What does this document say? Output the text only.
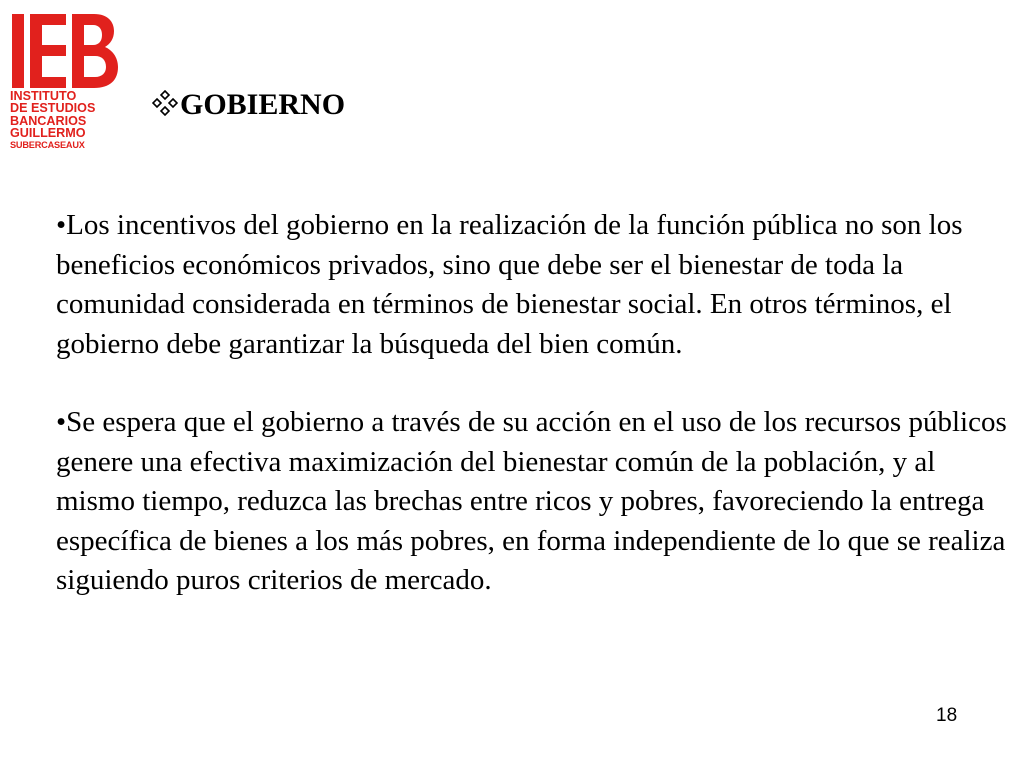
INSTITUTO
DE ESTUDIOS
BANCARIOS
GUILLERMO
SUBERCASEAUX
GOBIERNO

•Los incentivos del gobierno en la realización de la función pública no son los beneficios económicos privados, sino que debe ser el bienestar de toda la comunidad considerada en términos de bienestar social. En otros términos, el gobierno debe garantizar la búsqueda del bien común.

•Se espera que el gobierno a través de su acción en el uso de los recursos públicos genere una efectiva maximización del bienestar común de la población, y al mismo tiempo, reduzca las brechas entre ricos y pobres, favoreciendo la entrega específica de bienes a los más pobres, en forma independiente de lo que se realiza siguiendo puros criterios de mercado.

18
